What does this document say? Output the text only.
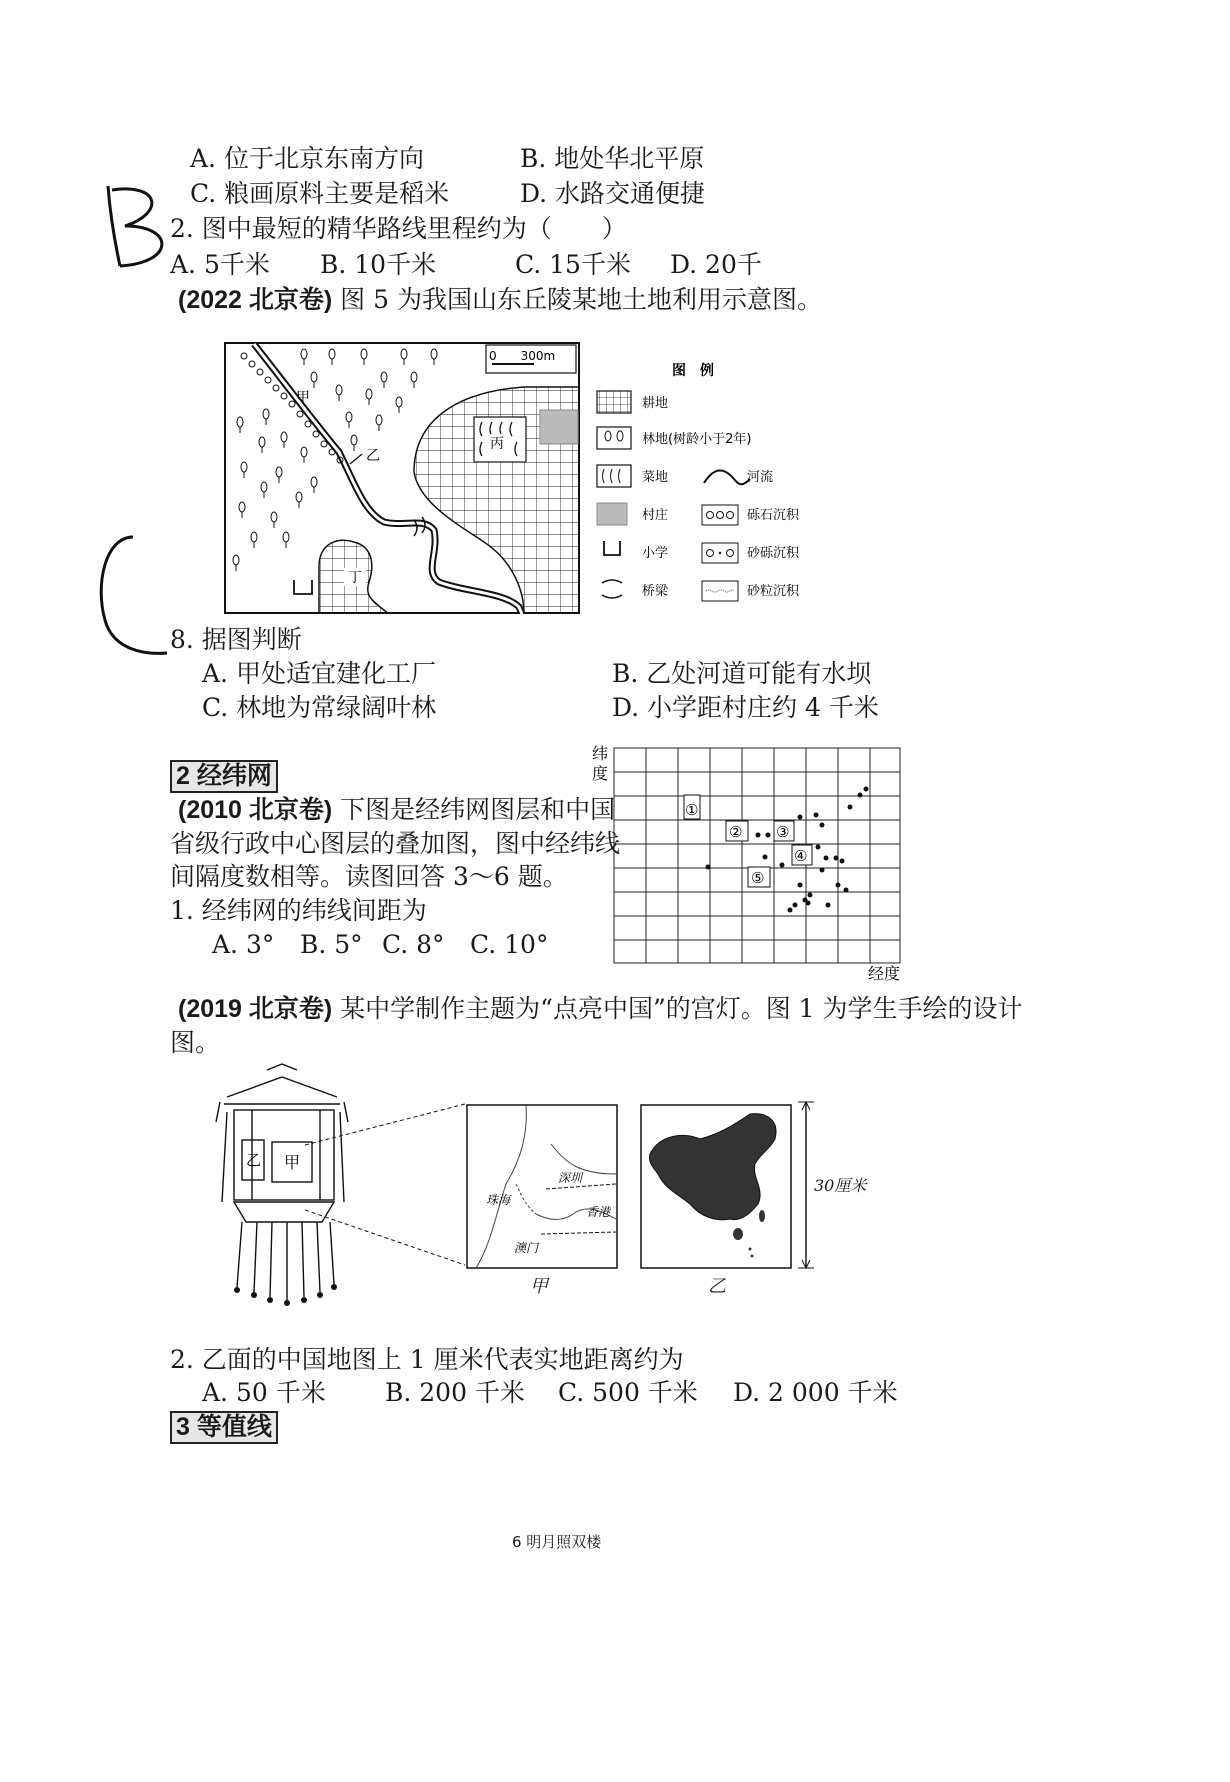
A. 位于北京东南方向	B. 地处华北平原
C. 粮画原料主要是稻米	D. 水路交通便捷
2. 图中最短的精华路线里程约为（　　）
A. 5千米 B. 10千米	C. 15千米 D. 20千
(2022 北京卷) 图 5 为我国山东丘陵某地土地利用示意图。
0　　300m
甲
乙
丙
丁
图　例
耕地
林地(树龄小于2年)
菜地	河流
村庄	砾石沉积
小学	砂砾沉积
桥梁	砂粒沉积
8. 据图判断
A. 甲处适宜建化工厂	B. 乙处河道可能有水坝
C. 林地为常绿阔叶林	D. 小学距村庄约 4 千米
2 经纬网
(2010 北京卷) 下图是经纬网图层和中国
省级行政中心图层的叠加图，图中经纬线
间隔度数相等。读图回答 3～6 题。
1. 经纬网的纬线间距为
A. 3° B. 5° C. 8° C. 10°
纬
度
经度
①
② ③
④
⑤
(2019 北京卷) 某中学制作主题为“点亮中国”的宫灯。图 1 为学生手绘的设计
图。
乙 甲
深圳
珠海
香港
澳门
甲	乙
30厘米
2. 乙面的中国地图上 1 厘米代表实地距离约为
A. 50 千米 B. 200 千米 C. 500 千米 D. 2 000 千米
3 等值线
6 明月照双楼
